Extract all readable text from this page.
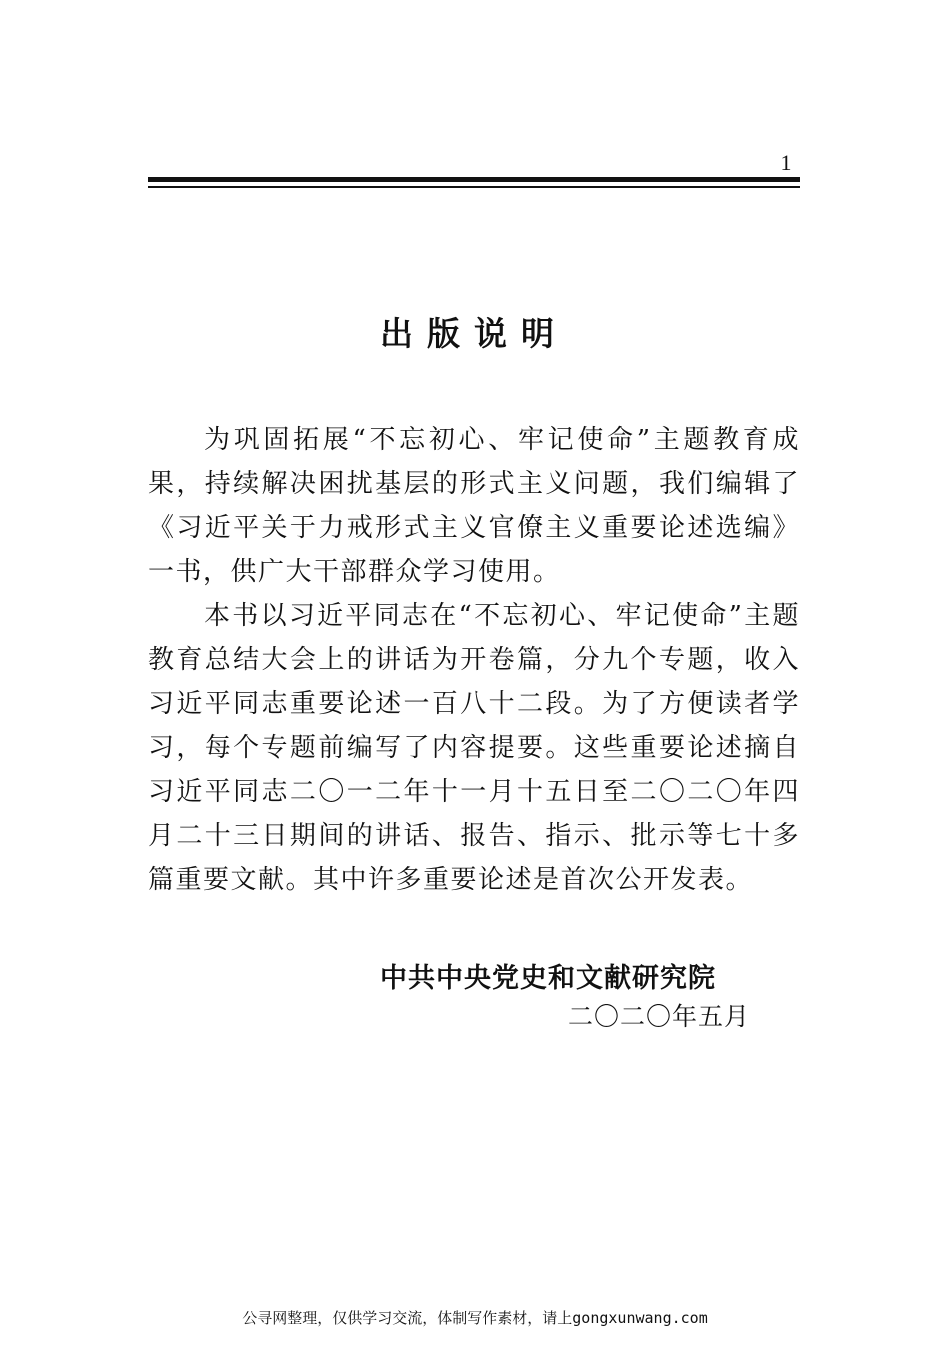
1
出版说明

为巩固拓展“不忘初心、牢记使命”主题教育成果，持续解决困扰基层的形式主义问题，我们编辑了《习近平关于力戒形式主义官僚主义重要论述选编》一书，供广大干部群众学习使用。

本书以习近平同志在“不忘初心、牢记使命”主题教育总结大会上的讲话为开卷篇，分九个专题，收入习近平同志重要论述一百八十二段。为了方便读者学习，每个专题前编写了内容提要。这些重要论述摘自习近平同志二〇一二年十一月十五日至二〇二〇年四月二十三日期间的讲话、报告、指示、批示等七十多篇重要文献。其中许多重要论述是首次公开发表。

中共中央党史和文献研究院
二〇二〇年五月
公寻网整理，仅供学习交流，体制写作素材，请上gongxunwang.com
